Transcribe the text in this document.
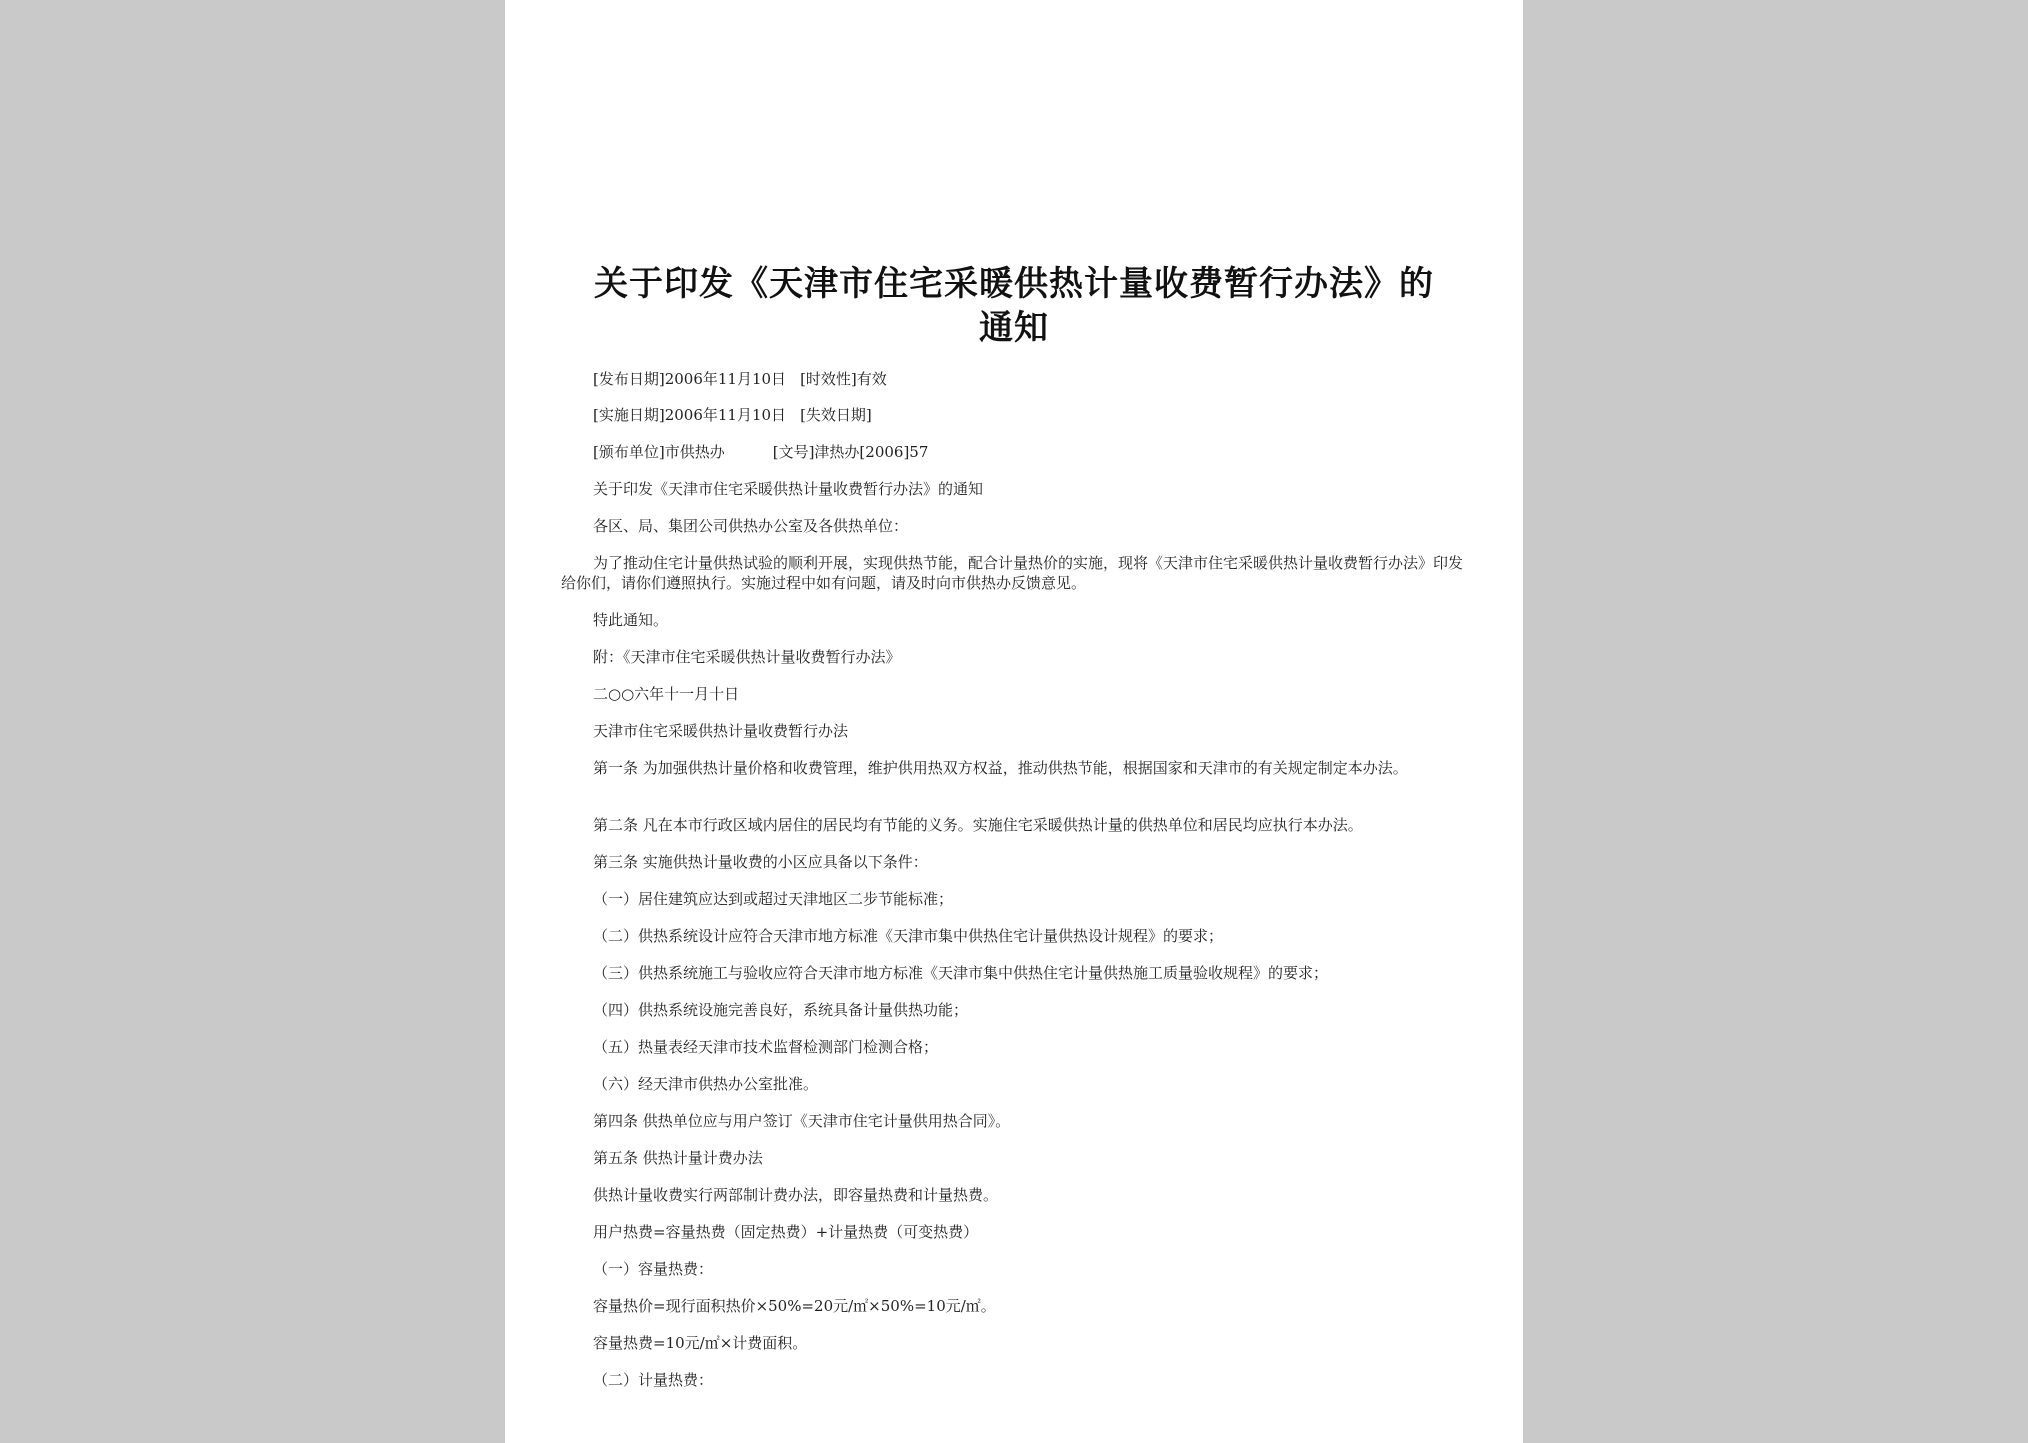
关于印发《天津市住宅采暖供热计量收费暂行办法》的
通知
[发布日期]2006年11月10日 [时效性]有效
[实施日期]2006年11月10日 [失效日期]
[颁布单位]市供热办	[文号]津热办[2006]57
关于印发《天津市住宅采暖供热计量收费暂行办法》的通知
各区、局、集团公司供热办公室及各供热单位：
为了推动住宅计量供热试验的顺利开展，实现供热节能，配合计量热价的实施，现将《天津市住宅采暖供热计量收费暂行办法》印发给你们，请你们遵照执行。实施过程中如有问题，请及时向市供热办反馈意见。
特此通知。
附：《天津市住宅采暖供热计量收费暂行办法》
二○○六年十一月十日
天津市住宅采暖供热计量收费暂行办法
第一条 为加强供热计量价格和收费管理，维护供用热双方权益，推动供热节能，根据国家和天津市的有关规定制定本办法。
第二条 凡在本市行政区域内居住的居民均有节能的义务。实施住宅采暖供热计量的供热单位和居民均应执行本办法。
第三条 实施供热计量收费的小区应具备以下条件：
（一）居住建筑应达到或超过天津地区二步节能标准；
（二）供热系统设计应符合天津市地方标准《天津市集中供热住宅计量供热设计规程》的要求；
（三）供热系统施工与验收应符合天津市地方标准《天津市集中供热住宅计量供热施工质量验收规程》的要求；
（四）供热系统设施完善良好，系统具备计量供热功能；
（五）热量表经天津市技术监督检测部门检测合格；
（六）经天津市供热办公室批准。
第四条 供热单位应与用户签订《天津市住宅计量供用热合同》。
第五条 供热计量计费办法
供热计量收费实行两部制计费办法，即容量热费和计量热费。
用户热费=容量热费（固定热费）+计量热费（可变热费）
（一）容量热费：
容量热价=现行面积热价×50%=20元/㎡×50%=10元/㎡。
容量热费=10元/㎡×计费面积。
（二）计量热费：
